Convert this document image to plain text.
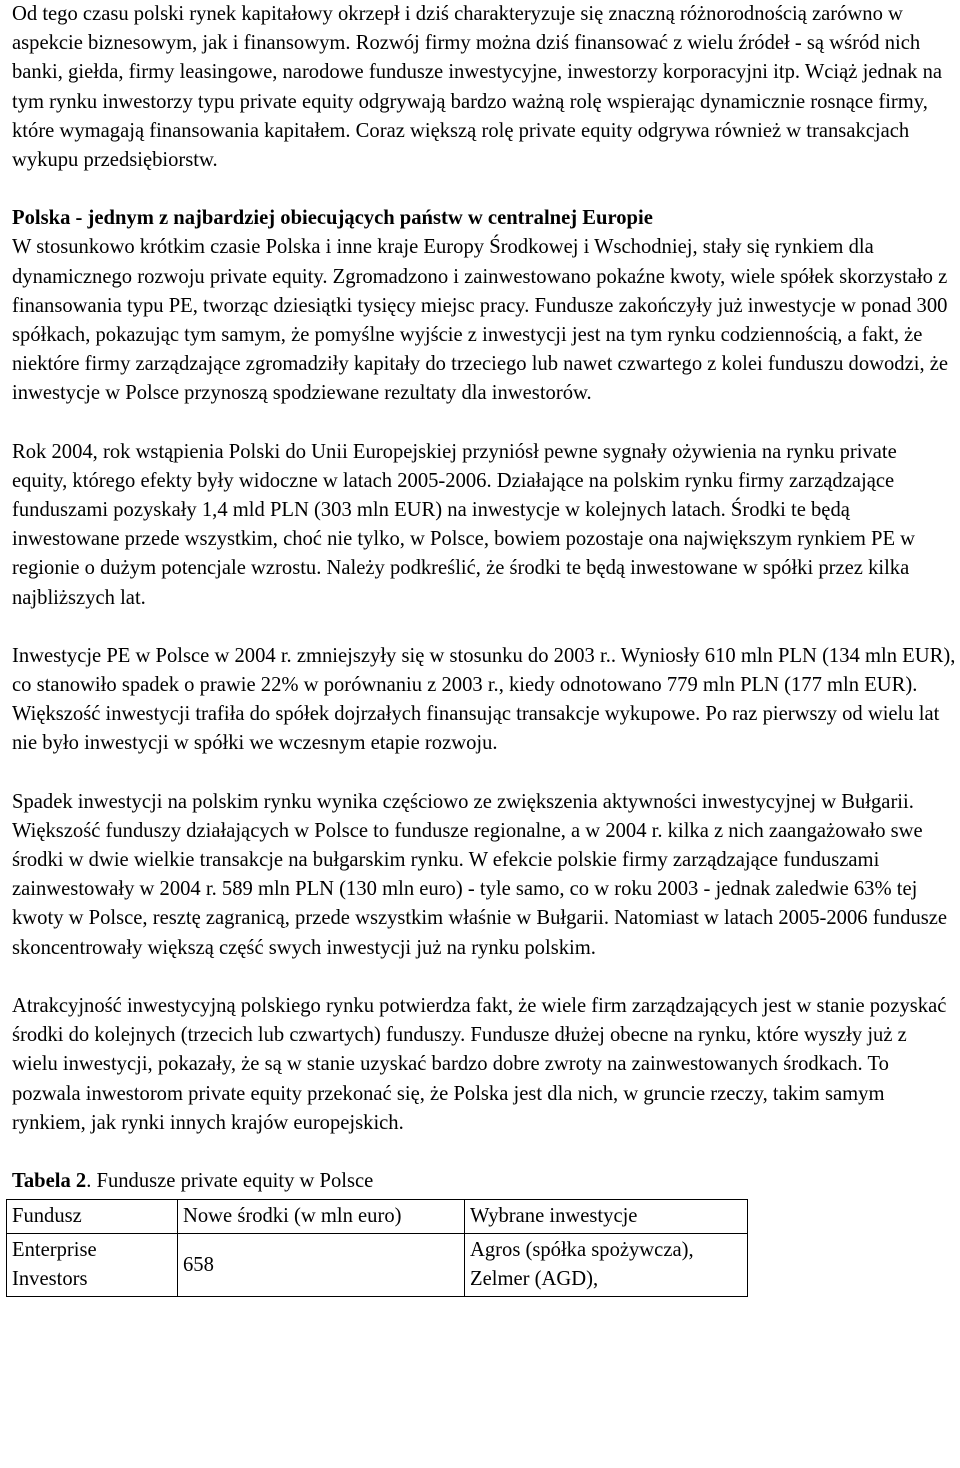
Od tego czasu polski rynek kapitałowy okrzepł i dziś charakteryzuje się znaczną różnorodnością zarówno w aspekcie biznesowym, jak i finansowym. Rozwój firmy można dziś finansować z wielu źródeł - są wśród nich banki, giełda, firmy leasingowe, narodowe fundusze inwestycyjne, inwestorzy korporacyjni itp. Wciąż jednak na tym rynku inwestorzy typu private equity odgrywają bardzo ważną rolę wspierając dynamicznie rosnące firmy, które wymagają finansowania kapitałem. Coraz większą rolę private equity odgrywa również w transakcjach wykupu przedsiębiorstw.

Polska - jednym z najbardziej obiecujących państw w centralnej Europie
W stosunkowo krótkim czasie Polska i inne kraje Europy Środkowej i Wschodniej, stały się rynkiem dla dynamicznego rozwoju private equity. Zgromadzono i zainwestowano pokaźne kwoty, wiele spółek skorzystało z finansowania typu PE, tworząc dziesiątki tysięcy miejsc pracy. Fundusze zakończyły już inwestycje w ponad 300 spółkach, pokazując tym samym, że pomyślne wyjście z inwestycji jest na tym rynku codziennością, a fakt, że niektóre firmy zarządzające zgromadziły kapitały do trzeciego lub nawet czwartego z kolei funduszu dowodzi, że inwestycje w Polsce przynoszą spodziewane rezultaty dla inwestorów.

Rok 2004, rok wstąpienia Polski do Unii Europejskiej przyniósł pewne sygnały ożywienia na rynku private equity, którego efekty były widoczne w latach 2005-2006. Działające na polskim rynku firmy zarządzające funduszami pozyskały 1,4 mld PLN (303 mln EUR) na inwestycje w kolejnych latach. Środki te będą inwestowane przede wszystkim, choć nie tylko, w Polsce, bowiem pozostaje ona największym rynkiem PE w regionie o dużym potencjale wzrostu. Należy podkreślić, że środki te będą inwestowane w spółki przez kilka najbliższych lat.

Inwestycje PE w Polsce w 2004 r. zmniejszyły się w stosunku do 2003 r.. Wyniosły 610 mln PLN (134 mln EUR), co stanowiło spadek o prawie 22% w porównaniu z 2003 r., kiedy odnotowano 779 mln PLN (177 mln EUR). Większość inwestycji trafiła do spółek dojrzałych finansując transakcje wykupowe. Po raz pierwszy od wielu lat nie było inwestycji w spółki we wczesnym etapie rozwoju.

Spadek inwestycji na polskim rynku wynika częściowo ze zwiększenia aktywności inwestycyjnej w Bułgarii. Większość funduszy działających w Polsce to fundusze regionalne, a w 2004 r. kilka z nich zaangażowało swe środki w dwie wielkie transakcje na bułgarskim rynku. W efekcie polskie firmy zarządzające funduszami zainwestowały w 2004 r. 589 mln PLN (130 mln euro) - tyle samo, co w roku 2003 - jednak zaledwie 63% tej kwoty w Polsce, resztę zagranicą, przede wszystkim właśnie w Bułgarii. Natomiast w latach 2005-2006 fundusze skoncentrowały większą część swych inwestycji już na rynku polskim.

Atrakcyjność inwestycyjną polskiego rynku potwierdza fakt, że wiele firm zarządzających jest w stanie pozyskać środki do kolejnych (trzecich lub czwartych) funduszy. Fundusze dłużej obecne na rynku, które wyszły już z wielu inwestycji, pokazały, że są w stanie uzyskać bardzo dobre zwroty na zainwestowanych środkach. To pozwala inwestorom private equity przekonać się, że Polska jest dla nich, w gruncie rzeczy, takim samym rynkiem, jak rynki innych krajów europejskich.

Tabela 2. Fundusze private equity w Polsce

Fundusz	Nowe środki (w mln euro)	Wybrane inwestycje
Enterprise Investors	658	Agros (spółka spożywcza), Zelmer (AGD),
